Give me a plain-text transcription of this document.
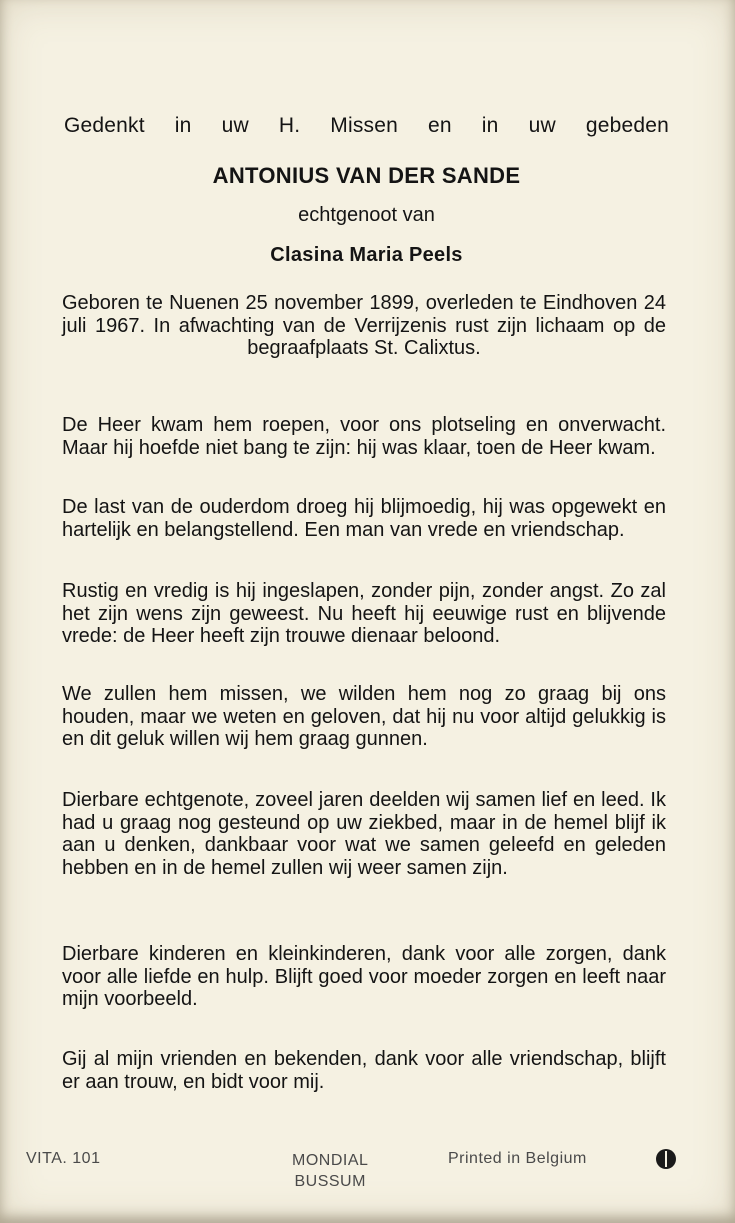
Gedenkt in uw H. Missen en in uw gebeden
ANTONIUS VAN DER SANDE
echtgenoot van
Clasina Maria Peels

Geboren te Nuenen 25 november 1899, overleden te Eindhoven 24 juli 1967. In afwachting van de Verrijzenis rust zijn lichaam op de begraafplaats St. Calixtus.

De Heer kwam hem roepen, voor ons plotseling en onverwacht. Maar hij hoefde niet bang te zijn: hij was klaar, toen de Heer kwam.

De last van de ouderdom droeg hij blijmoedig, hij was opgewekt en hartelijk en belangstellend. Een man van vrede en vriendschap.

Rustig en vredig is hij ingeslapen, zonder pijn, zonder angst. Zo zal het zijn wens zijn geweest. Nu heeft hij eeuwige rust en blijvende vrede: de Heer heeft zijn trouwe dienaar beloond.

We zullen hem missen, we wilden hem nog zo graag bij ons houden, maar we weten en geloven, dat hij nu voor altijd gelukkig is en dit geluk willen wij hem graag gunnen.

Dierbare echtgenote, zoveel jaren deelden wij samen lief en leed. Ik had u graag nog gesteund op uw ziekbed, maar in de hemel blijf ik aan u denken, dankbaar voor wat we samen geleefd en geleden hebben en in de hemel zullen wij weer samen zijn.

Dierbare kinderen en kleinkinderen, dank voor alle zorgen, dank voor alle liefde en hulp. Blijft goed voor moeder zorgen en leeft naar mijn voorbeeld.

Gij al mijn vrienden en bekenden, dank voor alle vriendschap, blijft er aan trouw, en bidt voor mij.

VITA. 101	MONDIAL
BUSSUM
Printed in Belgium
